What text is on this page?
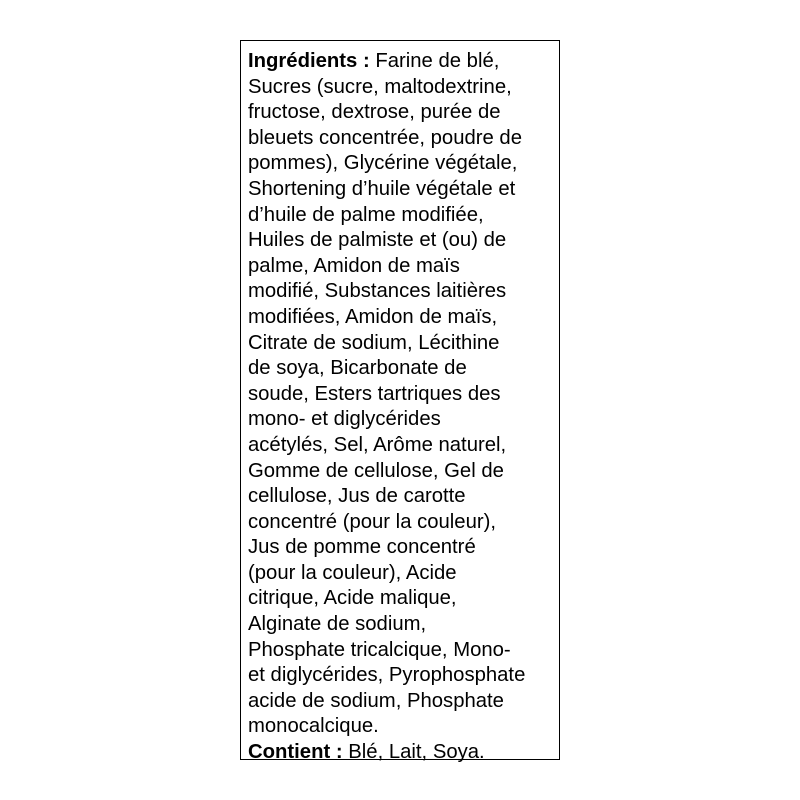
Ingrédients : Farine de blé,
Sucres (sucre, maltodextrine,
fructose, dextrose, purée de
bleuets concentrée, poudre de
pommes), Glycérine végétale,
Shortening d’huile végétale et
d’huile de palme modifiée,
Huiles de palmiste et (ou) de
palme, Amidon de maïs
modifié, Substances laitières
modifiées, Amidon de maïs,
Citrate de sodium, Lécithine
de soya, Bicarbonate de
soude, Esters tartriques des
mono- et diglycérides
acétylés, Sel, Arôme naturel,
Gomme de cellulose, Gel de
cellulose, Jus de carotte
concentré (pour la couleur),
Jus de pomme concentré
(pour la couleur), Acide
citrique, Acide malique,
Alginate de sodium,
Phosphate tricalcique, Mono-
et diglycérides, Pyrophosphate
acide de sodium, Phosphate
monocalcique.
Contient : Blé, Lait, Soya.
